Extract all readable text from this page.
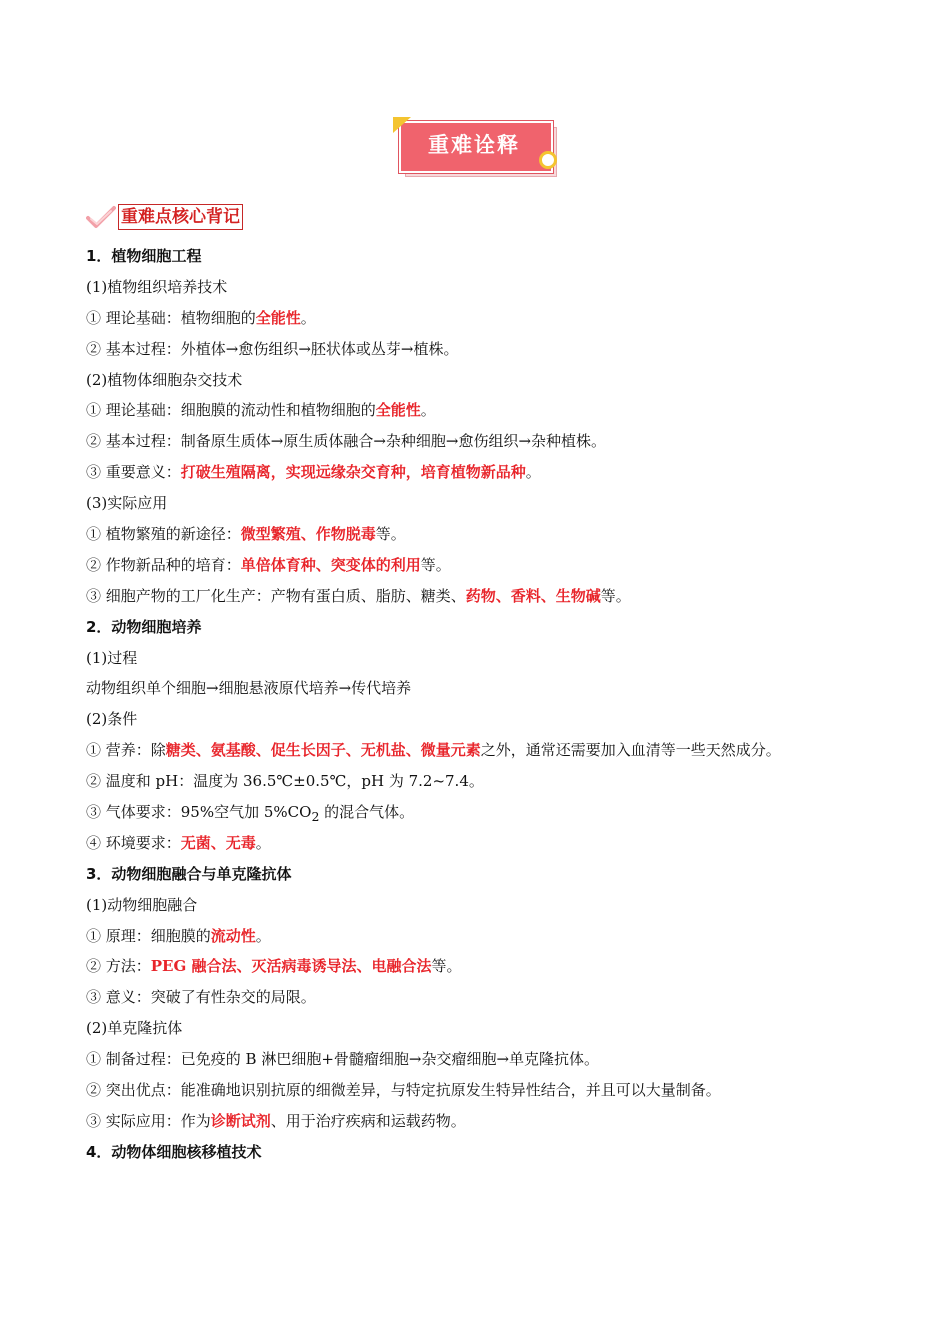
重难诠释
重难点核心背记
1．植物细胞工程
(1)植物组织培养技术
① 理论基础：植物细胞的全能性。
② 基本过程：外植体→愈伤组织→胚状体或丛芽→植株。
(2)植物体细胞杂交技术
① 理论基础：细胞膜的流动性和植物细胞的全能性。
② 基本过程：制备原生质体→原生质体融合→杂种细胞→愈伤组织→杂种植株。
③ 重要意义：打破生殖隔离，实现远缘杂交育种，培育植物新品种。
(3)实际应用
① 植物繁殖的新途径：微型繁殖、作物脱毒等。
② 作物新品种的培育：单倍体育种、突变体的利用等。
③ 细胞产物的工厂化生产：产物有蛋白质、脂肪、糖类、药物、香料、生物碱等。
2．动物细胞培养
(1)过程
动物组织单个细胞→细胞悬液原代培养→传代培养
(2)条件
① 营养：除糖类、氨基酸、促生长因子、无机盐、微量元素之外，通常还需要加入血清等一些天然成分。
② 温度和 pH：温度为 36.5℃±0.5℃，pH 为 7.2~7.4。
③ 气体要求：95%空气加 $5\%CO_2$ 的混合气体。
④ 环境要求：无菌、无毒。
3．动物细胞融合与单克隆抗体
(1)动物细胞融合
① 原理：细胞膜的流动性。
② 方法：PEG 融合法、灭活病毒诱导法、电融合法等。
③ 意义：突破了有性杂交的局限。
(2)单克隆抗体
① 制备过程：已免疫的 B 淋巴细胞+骨髓瘤细胞→杂交瘤细胞→单克隆抗体。
② 突出优点：能准确地识别抗原的细微差异，与特定抗原发生特异性结合，并且可以大量制备。
③ 实际应用：作为诊断试剂、用于治疗疾病和运载药物。
4．动物体细胞核移植技术
